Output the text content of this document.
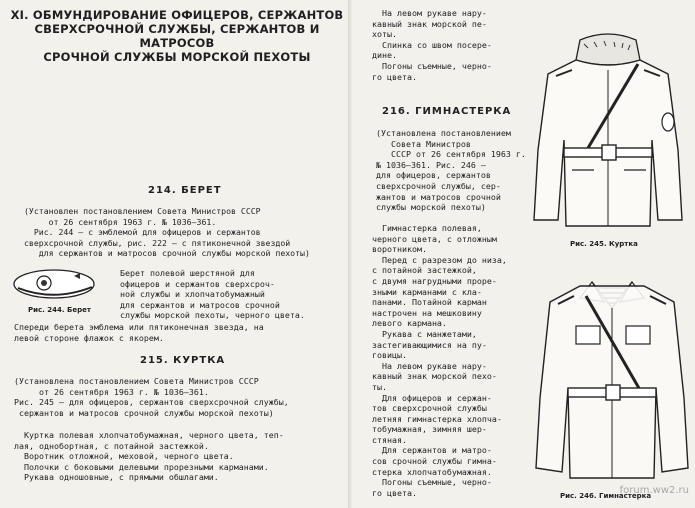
XI. ОБМУНДИРОВАНИЕ ОФИЦЕРОВ, СЕРЖАНТОВ
СВЕРХСРОЧНОЙ СЛУЖБЫ, СЕРЖАНТОВ И МАТРОСОВ
СРОЧНОЙ СЛУЖБЫ МОРСКОЙ ПЕХОТЫ
214. БЕРЕТ
(Установлен постановлением Совета Министров СССР
от 26 сентября 1963 г. № 1036—361.
Рис. 244 — с эмблемой для офицеров и сержантов
сверхсрочной службы, рис. 222 — с пятиконечной звездой
для сержантов и матросов срочной службы морской пехоты)
Рис. 244. Берет
Берет полевой шерстяной для
офицеров и сержантов сверхсроч-
ной службы и хлопчатобумажный
для сержантов и матросов срочной
службы морской пехоты, черного цвета.
Спереди берета эмблема или пятиконечная звезда, на
левой стороне флажок с якорем.
215. КУРТКА
(Установлена постановлением Совета Министров СССР
от 26 сентября 1963 г. № 1036—361.
Рис. 245 — для офицеров, сержантов сверхсрочной службы,
сержантов и матросов срочной службы морской пехоты)
Куртка полевая хлопчатобумажная, черного цвета, теп-
лая, однобортная, с потайной застежкой.
Воротник отложной, меховой, черного цвета.
Полочки с боковыми делевыми прорезными карманами.
Рукава одношовные, с прямыми обшлагами.
На левом рукаве нару-
кавный знак морской пе-
хоты.
Спинка со швом посере-
дине.
Погоны съемные, черно-
го цвета.
216. ГИМНАСТЕРКА
(Установлена постановлением
Совета Министров
СССР от 26 сентября 1963 г.
№ 1036—361. Рис. 246 —
для офицеров, сержантов
сверхсрочной службы, сер-
жантов и матросов срочной
службы морской пехоты)
Гимнастерка полевая,
черного цвета, с отложным
воротником.
Перед с разрезом до низа,
с потайной застежкой,
с двумя нагрудными проре-
зными карманами с кла-
панами. Потайной карман
настрочен на мешковину
левого кармана.
Рукава с манжетами,
застегивающимися на пу-
говицы.
На левом рукаве нару-
кавный знак морской пехо-
ты.
Для офицеров и сержан-
тов сверхсрочной службы
летняя гимнастерка хлопча-
тобумажная, зимняя шер-
стяная.
Для сержантов и матро-
сов срочной службы гимна-
стерка хлопчатобумажная.
Погоны съемные, черно-
го цвета.
Рис. 245. Куртка
Рис. 246. Гимнастерка
forum.ww2.ru
